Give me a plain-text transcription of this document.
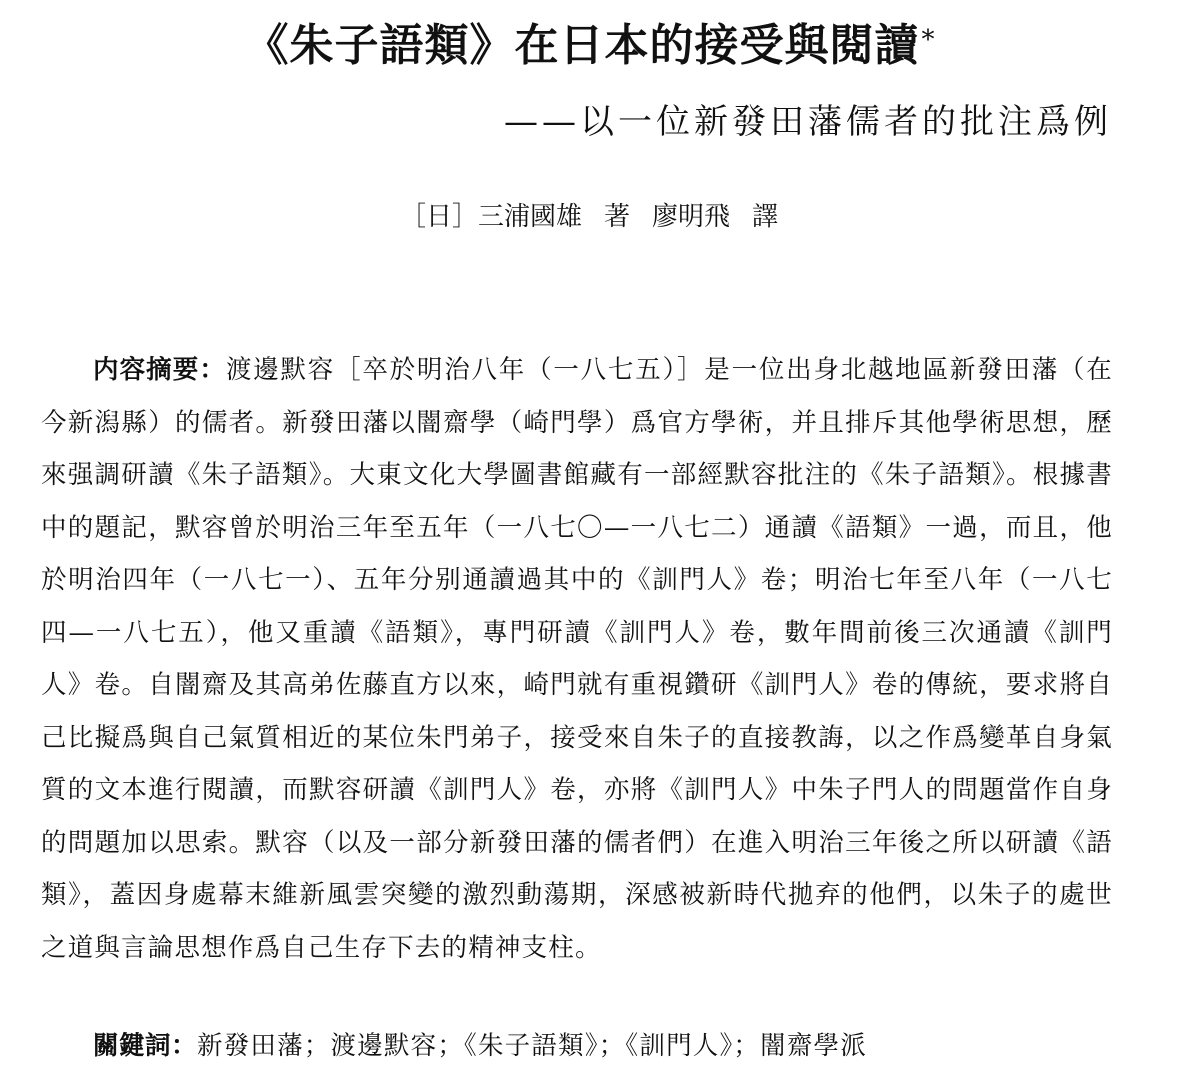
《朱子語類》在日本的接受與閱讀*
——以一位新發田藩儒者的批注爲例
［日］三浦國雄 著 廖明飛 譯
内容摘要：渡邊默容［卒於明治八年（一八七五）］是一位出身北越地區新發田藩（在今新潟縣）的儒者。新發田藩以闇齋學（崎門學）爲官方學術，并且排斥其他學術思想，歷來强調研讀《朱子語類》。大東文化大學圖書館藏有一部經默容批注的《朱子語類》。根據書中的題記，默容曾於明治三年至五年（一八七〇—一八七二）通讀《語類》一過，而且，他於明治四年（一八七一）、五年分别通讀過其中的《訓門人》卷；明治七年至八年（一八七四—一八七五），他又重讀《語類》，專門研讀《訓門人》卷，數年間前後三次通讀《訓門人》卷。自闇齋及其高弟佐藤直方以來，崎門就有重視鑽研《訓門人》卷的傳統，要求將自己比擬爲與自己氣質相近的某位朱門弟子，接受來自朱子的直接教誨，以之作爲變革自身氣質的文本進行閱讀，而默容研讀《訓門人》卷，亦將《訓門人》中朱子門人的問題當作自身的問題加以思索。默容（以及一部分新發田藩的儒者們）在進入明治三年後之所以研讀《語類》，蓋因身處幕末維新風雲突變的激烈動蕩期，深感被新時代拋弃的他們，以朱子的處世之道與言論思想作爲自己生存下去的精神支柱。
關鍵詞：新發田藩；渡邊默容；《朱子語類》；《訓門人》；闇齋學派
